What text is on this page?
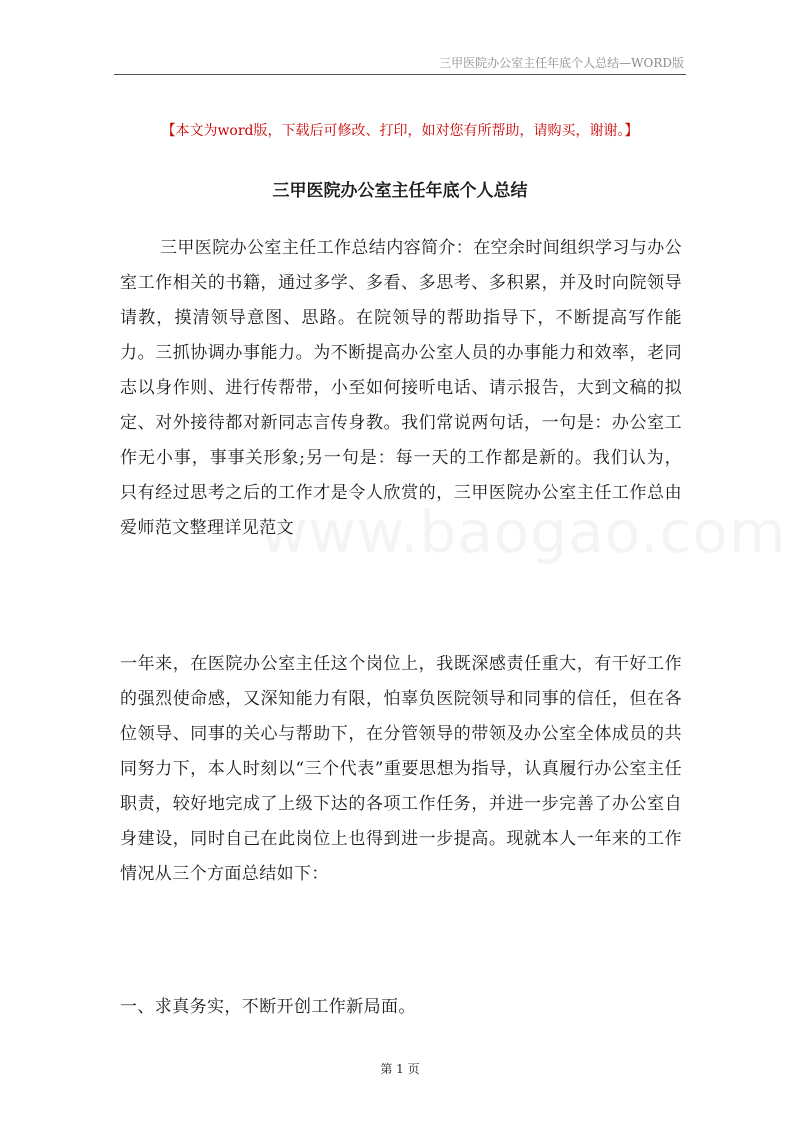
三甲医院办公室主任年底个人总结—WORD版
【本文为word版，下载后可修改、打印，如对您有所帮助，请购买，谢谢。】
三甲医院办公室主任年底个人总结
www.baogao.com
三甲医院办公室主任工作总结内容简介：在空余时间组织学习与办公室工作相关的书籍，通过多学、多看、多思考、多积累，并及时向院领导请教，摸清领导意图、思路。在院领导的帮助指导下，不断提高写作能力。三抓协调办事能力。为不断提高办公室人员的办事能力和效率，老同志以身作则、进行传帮带，小至如何接听电话、请示报告，大到文稿的拟定、对外接待都对新同志言传身教。我们常说两句话，一句是：办公室工作无小事，事事关形象;另一句是：每一天的工作都是新的。我们认为，只有经过思考之后的工作才是令人欣赏的，三甲医院办公室主任工作总由爱师范文整理详见范文
一年来，在医院办公室主任这个岗位上，我既深感责任重大，有干好工作的强烈使命感，又深知能力有限，怕辜负医院领导和同事的信任，但在各位领导、同事的关心与帮助下，在分管领导的带领及办公室全体成员的共同努力下，本人时刻以“三个代表”重要思想为指导，认真履行办公室主任职责，较好地完成了上级下达的各项工作任务，并进一步完善了办公室自身建设，同时自己在此岗位上也得到进一步提高。现就本人一年来的工作情况从三个方面总结如下：
一、求真务实，不断开创工作新局面。
第 1 页
